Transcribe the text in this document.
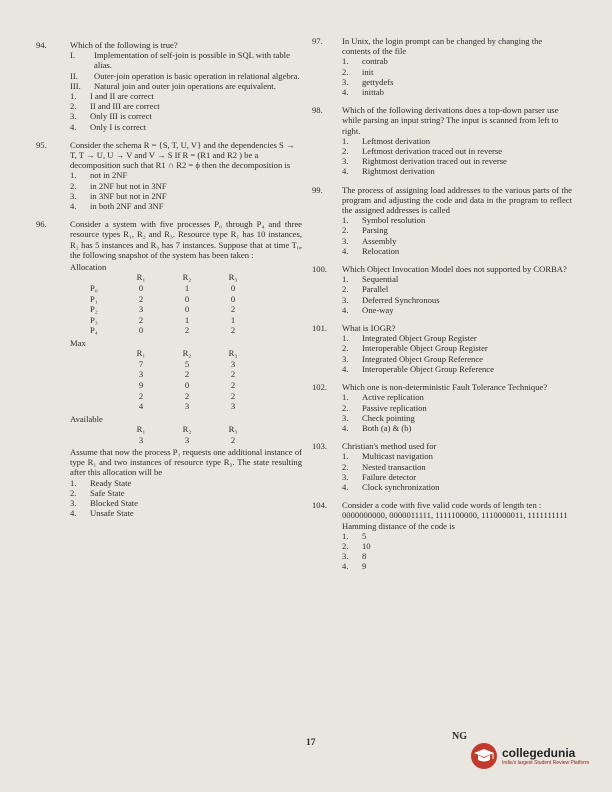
94.	Which of the following is true?
I.	Implementation of self-join is possible in SQL with table alias.
II.	Outer-join operation is basic operation in relational algebra.
III.	Natural join and outer join operations are equivalent.
1.	I and II are correct
2.	II and III are correct
3.	Only III is correct
4.	Only I is correct
95.	Consider the schema R = {S, T, U, V} and the dependencies S → T, T → U, U → V and V → S If R = (R1 and R2 ) be a decomposition such that R1 ∩ R2 = ϕ then the decomposition is
1.	not in 2NF
2.	in 2NF but not in 3NF
3.	in 3NF but not in 2NF
4.	in both 2NF and 3NF
96.	Consider a system with five processes P₀ through P₄ and three resource types R₁, R₂ and R₃. Resource type R₁ has 10 instances, R₂ has 5 instances and R₃ has 7 instances. Suppose that at time T₀, the following snapshot of the system has been taken :
Allocation
	R₁	R₂	R₃
P₀	0	1	0
P₁	2	0	0
P₂	3	0	2
P₃	2	1	1
P₄	0	2	2
Max
	R₁	R₂	R₃
	7	5	3
	3	2	2
	9	0	2
	2	2	2
	4	3	3
Available
	R₁	R₂	R₃
	3	3	2
Assume that now the process P₁ requests one additional instance of type R₁ and two instances of resource type R₃. The state resulting after this allocation will be
1.	Ready State
2.	Safe State
3.	Blocked State
4.	Unsafe State
97. In Unix, the login prompt can be changed by changing the contents of the file
1.	contrab
2.	init
3.	gettydefs
4.	inittab
98. Which of the following derivations does a top-down parser use while parsing an input string? The input is scanned from left to right.
1.	Leftmost derivation
2.	Leftmost derivation traced out in reverse
3.	Rightmost derivation traced out in reverse
4.	Rightmost derivation
99. The process of assigning load addresses to the various parts of the program and adjusting the code and data in the program to reflect the assigned addresses is called
1.	Symbol resolution
2.	Parsing
3.	Assembly
4.	Relocation
100. Which Object Invocation Model does not supported by CORBA?
1.	Sequential
2.	Parallel
3.	Deferred Synchronous
4.	One-way
101. What is IOGR?
1.	Integrated Object Group Register
2.	Interoperable Object Group Register
3.	Integrated Object Group Reference
4.	Interoperable Object Group Reference
102. Which one is non-deterministic Fault Tolerance Technique?
1.	Active replication
2.	Passive replication
3.	Check pointing
4.	Both (a) & (b)
103. Christian's method used for
1.	Multicast navigation
2.	Nested transaction
3.	Failure detector
4.	Clock synchronization
104. Consider a code with five valid code words of length ten :
0000000000, 0000011111, 1111100000, 1110000011, 1111111111
Hamming distance of the code is
1.	5
2.	10
3.	8
4.	9
17
NG
collegedunia
India's largest Student Review Platform
